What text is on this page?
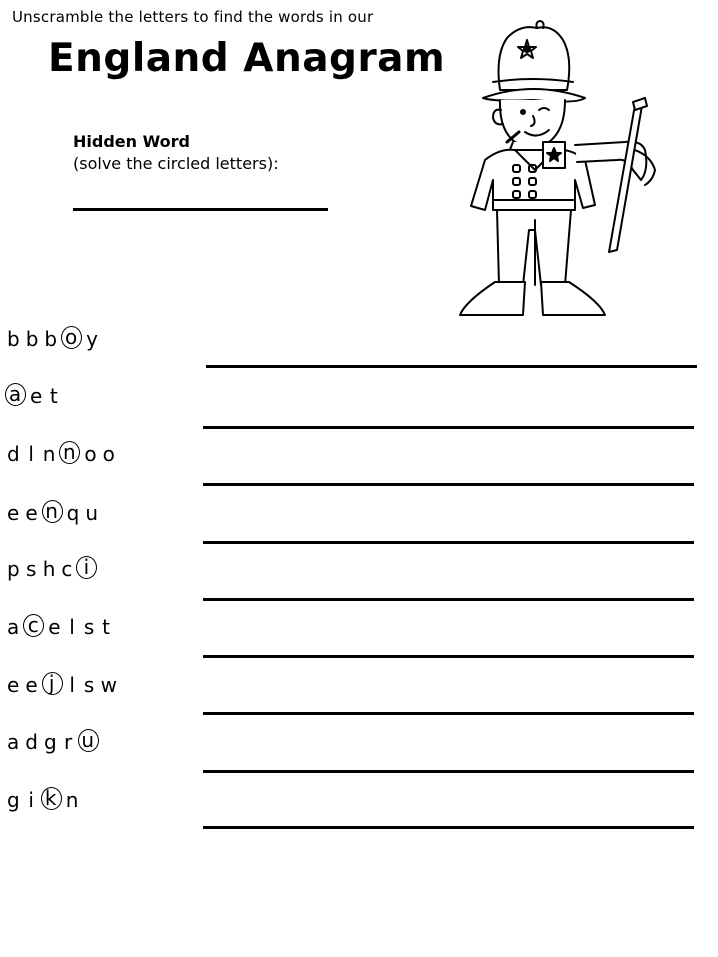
Unscramble the letters to find the words in our
England Anagram
Hidden Word
(solve the circled letters):
b b b o y
a e t
d l n n o o
e e n q u
p s h c i
a c e l s t
e e j l s w
a d g r u
g i k n
